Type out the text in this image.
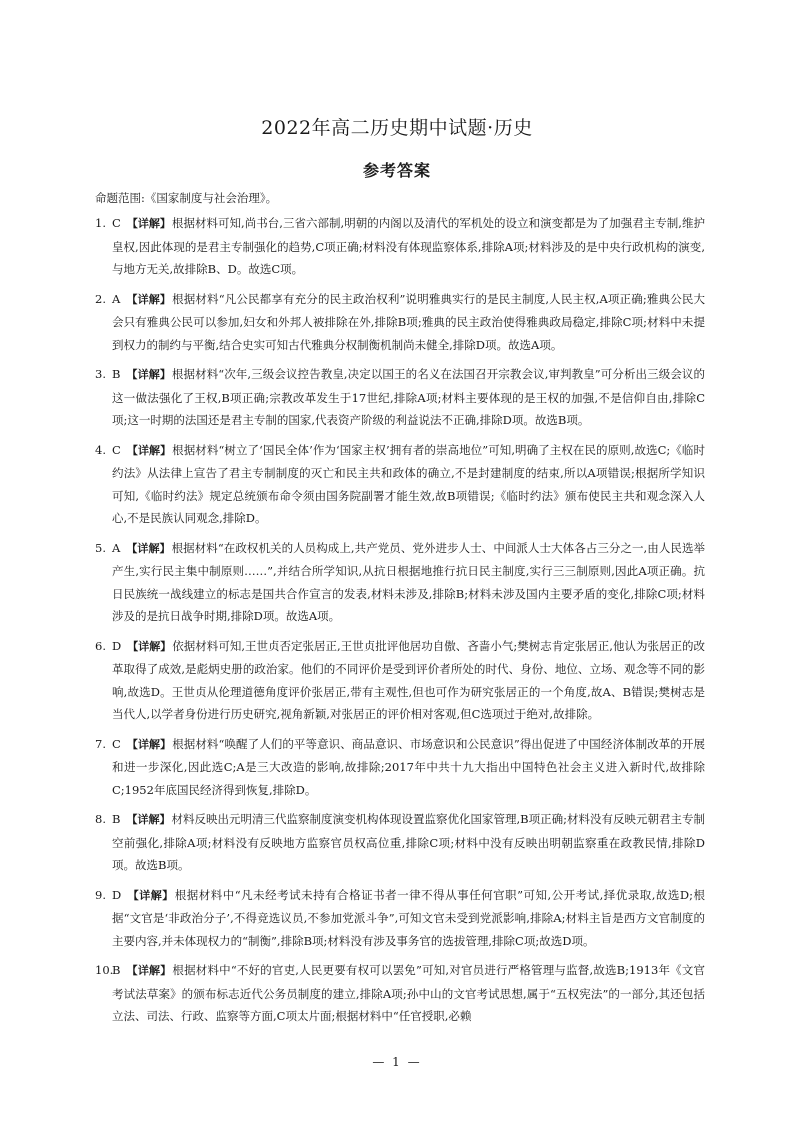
2022年高二历史期中试题·历史
参考答案
命题范围:《国家制度与社会治理》。
1. C 【详解】根据材料可知,尚书台,三省六部制,明朝的内阁以及清代的军机处的设立和演变都是为了加强君主专制,维护皇权,因此体现的是君主专制强化的趋势,C项正确;材料没有体现监察体系,排除A项;材料涉及的是中央行政机构的演变,与地方无关,故排除B、D。故选C项。
2. A 【详解】根据材料“凡公民都享有充分的民主政治权利”说明雅典实行的是民主制度,人民主权,A项正确;雅典公民大会只有雅典公民可以参加,妇女和外邦人被排除在外,排除B项;雅典的民主政治使得雅典政局稳定,排除C项;材料中未提到权力的制约与平衡,结合史实可知古代雅典分权制衡机制尚未健全,排除D项。故选A项。
3. B 【详解】根据材料“次年,三级会议控告教皇,决定以国王的名义在法国召开宗教会议,审判教皇”可分析出三级会议的这一做法强化了王权,B项正确;宗教改革发生于17世纪,排除A项;材料主要体现的是王权的加强,不是信仰自由,排除C项;这一时期的法国还是君主专制的国家,代表资产阶级的利益说法不正确,排除D项。故选B项。
4. C 【详解】根据材料“树立了‘国民全体’作为‘国家主权’拥有者的崇高地位”可知,明确了主权在民的原则,故选C;《临时约法》从法律上宣告了君主专制制度的灭亡和民主共和政体的确立,不是封建制度的结束,所以A项错误;根据所学知识可知,《临时约法》规定总统颁布命令须由国务院副署才能生效,故B项错误;《临时约法》颁布使民主共和观念深入人心,不是民族认同观念,排除D。
5. A 【详解】根据材料“在政权机关的人员构成上,共产党员、党外进步人士、中间派人士大体各占三分之一,由人民选举产生,实行民主集中制原则……”,并结合所学知识,从抗日根据地推行抗日民主制度,实行三三制原则,因此A项正确。抗日民族统一战线建立的标志是国共合作宣言的发表,材料未涉及,排除B;材料未涉及国内主要矛盾的变化,排除C项;材料涉及的是抗日战争时期,排除D项。故选A项。
6. D 【详解】依据材料可知,王世贞否定张居正,王世贞批评他居功自傲、吝啬小气;樊树志肯定张居正,他认为张居正的改革取得了成效,是彪炳史册的政治家。他们的不同评价是受到评价者所处的时代、身份、地位、立场、观念等不同的影响,故选D。王世贞从伦理道德角度评价张居正,带有主观性,但也可作为研究张居正的一个角度,故A、B错误;樊树志是当代人,以学者身份进行历史研究,视角新颖,对张居正的评价相对客观,但C选项过于绝对,故排除。
7. C 【详解】根据材料“唤醒了人们的平等意识、商品意识、市场意识和公民意识”得出促进了中国经济体制改革的开展和进一步深化,因此选C;A是三大改造的影响,故排除;2017年中共十九大指出中国特色社会主义进入新时代,故排除C;1952年底国民经济得到恢复,排除D。
8. B 【详解】材料反映出元明清三代监察制度演变机构体现设置监察优化国家管理,B项正确;材料没有反映元朝君主专制空前强化,排除A项;材料没有反映地方监察官员权高位重,排除C项;材料中没有反映出明朝监察重在政教民情,排除D项。故选B项。
9. D 【详解】根据材料中“凡未经考试未持有合格证书者一律不得从事任何官职”可知,公开考试,择优录取,故选D;根据“文官是‘非政治分子’,不得竞选议员,不参加党派斗争”,可知文官未受到党派影响,排除A;材料主旨是西方文官制度的主要内容,并未体现权力的“制衡”,排除B项;材料没有涉及事务官的选拔管理,排除C项;故选D项。
10.
B 【详解】根据材料中“不好的官吏,人民更要有权可以罢免”可知,对官员进行严格管理与监督,故选B;1913年《文官考试法草案》的颁布标志近代公务员制度的建立,排除A项;孙中山的文官考试思想,属于“五权宪法”的一部分,其还包括立法、司法、行政、监察等方面,C项太片面;根据材料中“任官授职,必赖
— 1 —
